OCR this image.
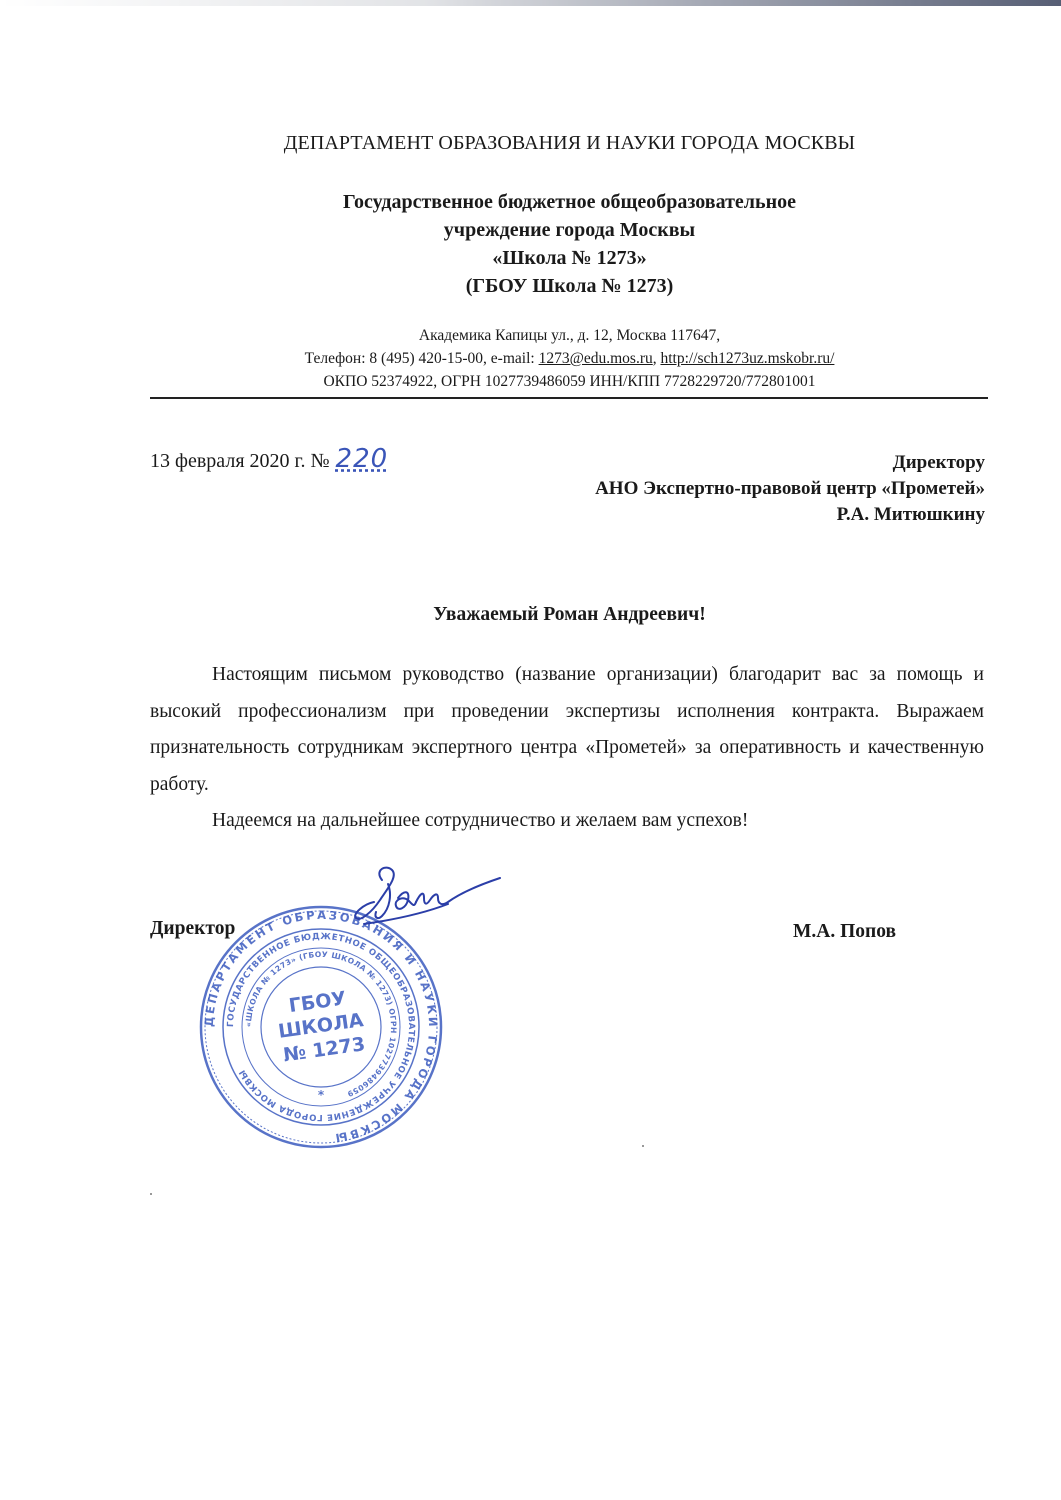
ДЕПАРТАМЕНТ ОБРАЗОВАНИЯ И НАУКИ ГОРОДА МОСКВЫ
Государственное бюджетное общеобразовательное
учреждение города Москвы
«Школа № 1273»
(ГБОУ Школа № 1273)
Академика Капицы ул., д. 12, Москва 117647,
Телефон: 8 (495) 420-15-00, e-mail: 1273@edu.mos.ru, http://sch1273uz.mskobr.ru/
ОКПО 52374922, ОГРН 1027739486059 ИНН/КПП 7728229720/772801001
13 февраля 2020 г. № 220	Директору
АНО Экспертно-правовой центр «Прометей»
Р.А. Митюшкину
Уважаемый Роман Андреевич!

Настоящим письмом руководство (название организации) благодарит вас за помощь и высокий профессионализм при проведении экспертизы исполнения контракта. Выражаем признательность сотрудникам экспертного центра «Прометей» за оперативность и качественную работу.

Надеемся на дальнейшее сотрудничество и желаем вам успехов!

ДЕПАРТАМЕНТ ОБРАЗОВАНИЯ И НАУКИ ГОРОДА МОСКВЫ
ГОСУДАРСТВЕННОЕ БЮДЖЕТНОЕ ОБЩЕОБРАЗОВАТЕЛЬНОЕ УЧРЕЖДЕНИЕ ГОРОДА МОСКВЫ
«ШКОЛА № 1273» (ГБОУ ШКОЛА № 1273) ОГРН 1027739486059
ГБОУ
ШКОЛА
№ 1273
*
Директор	М.А. Попов
